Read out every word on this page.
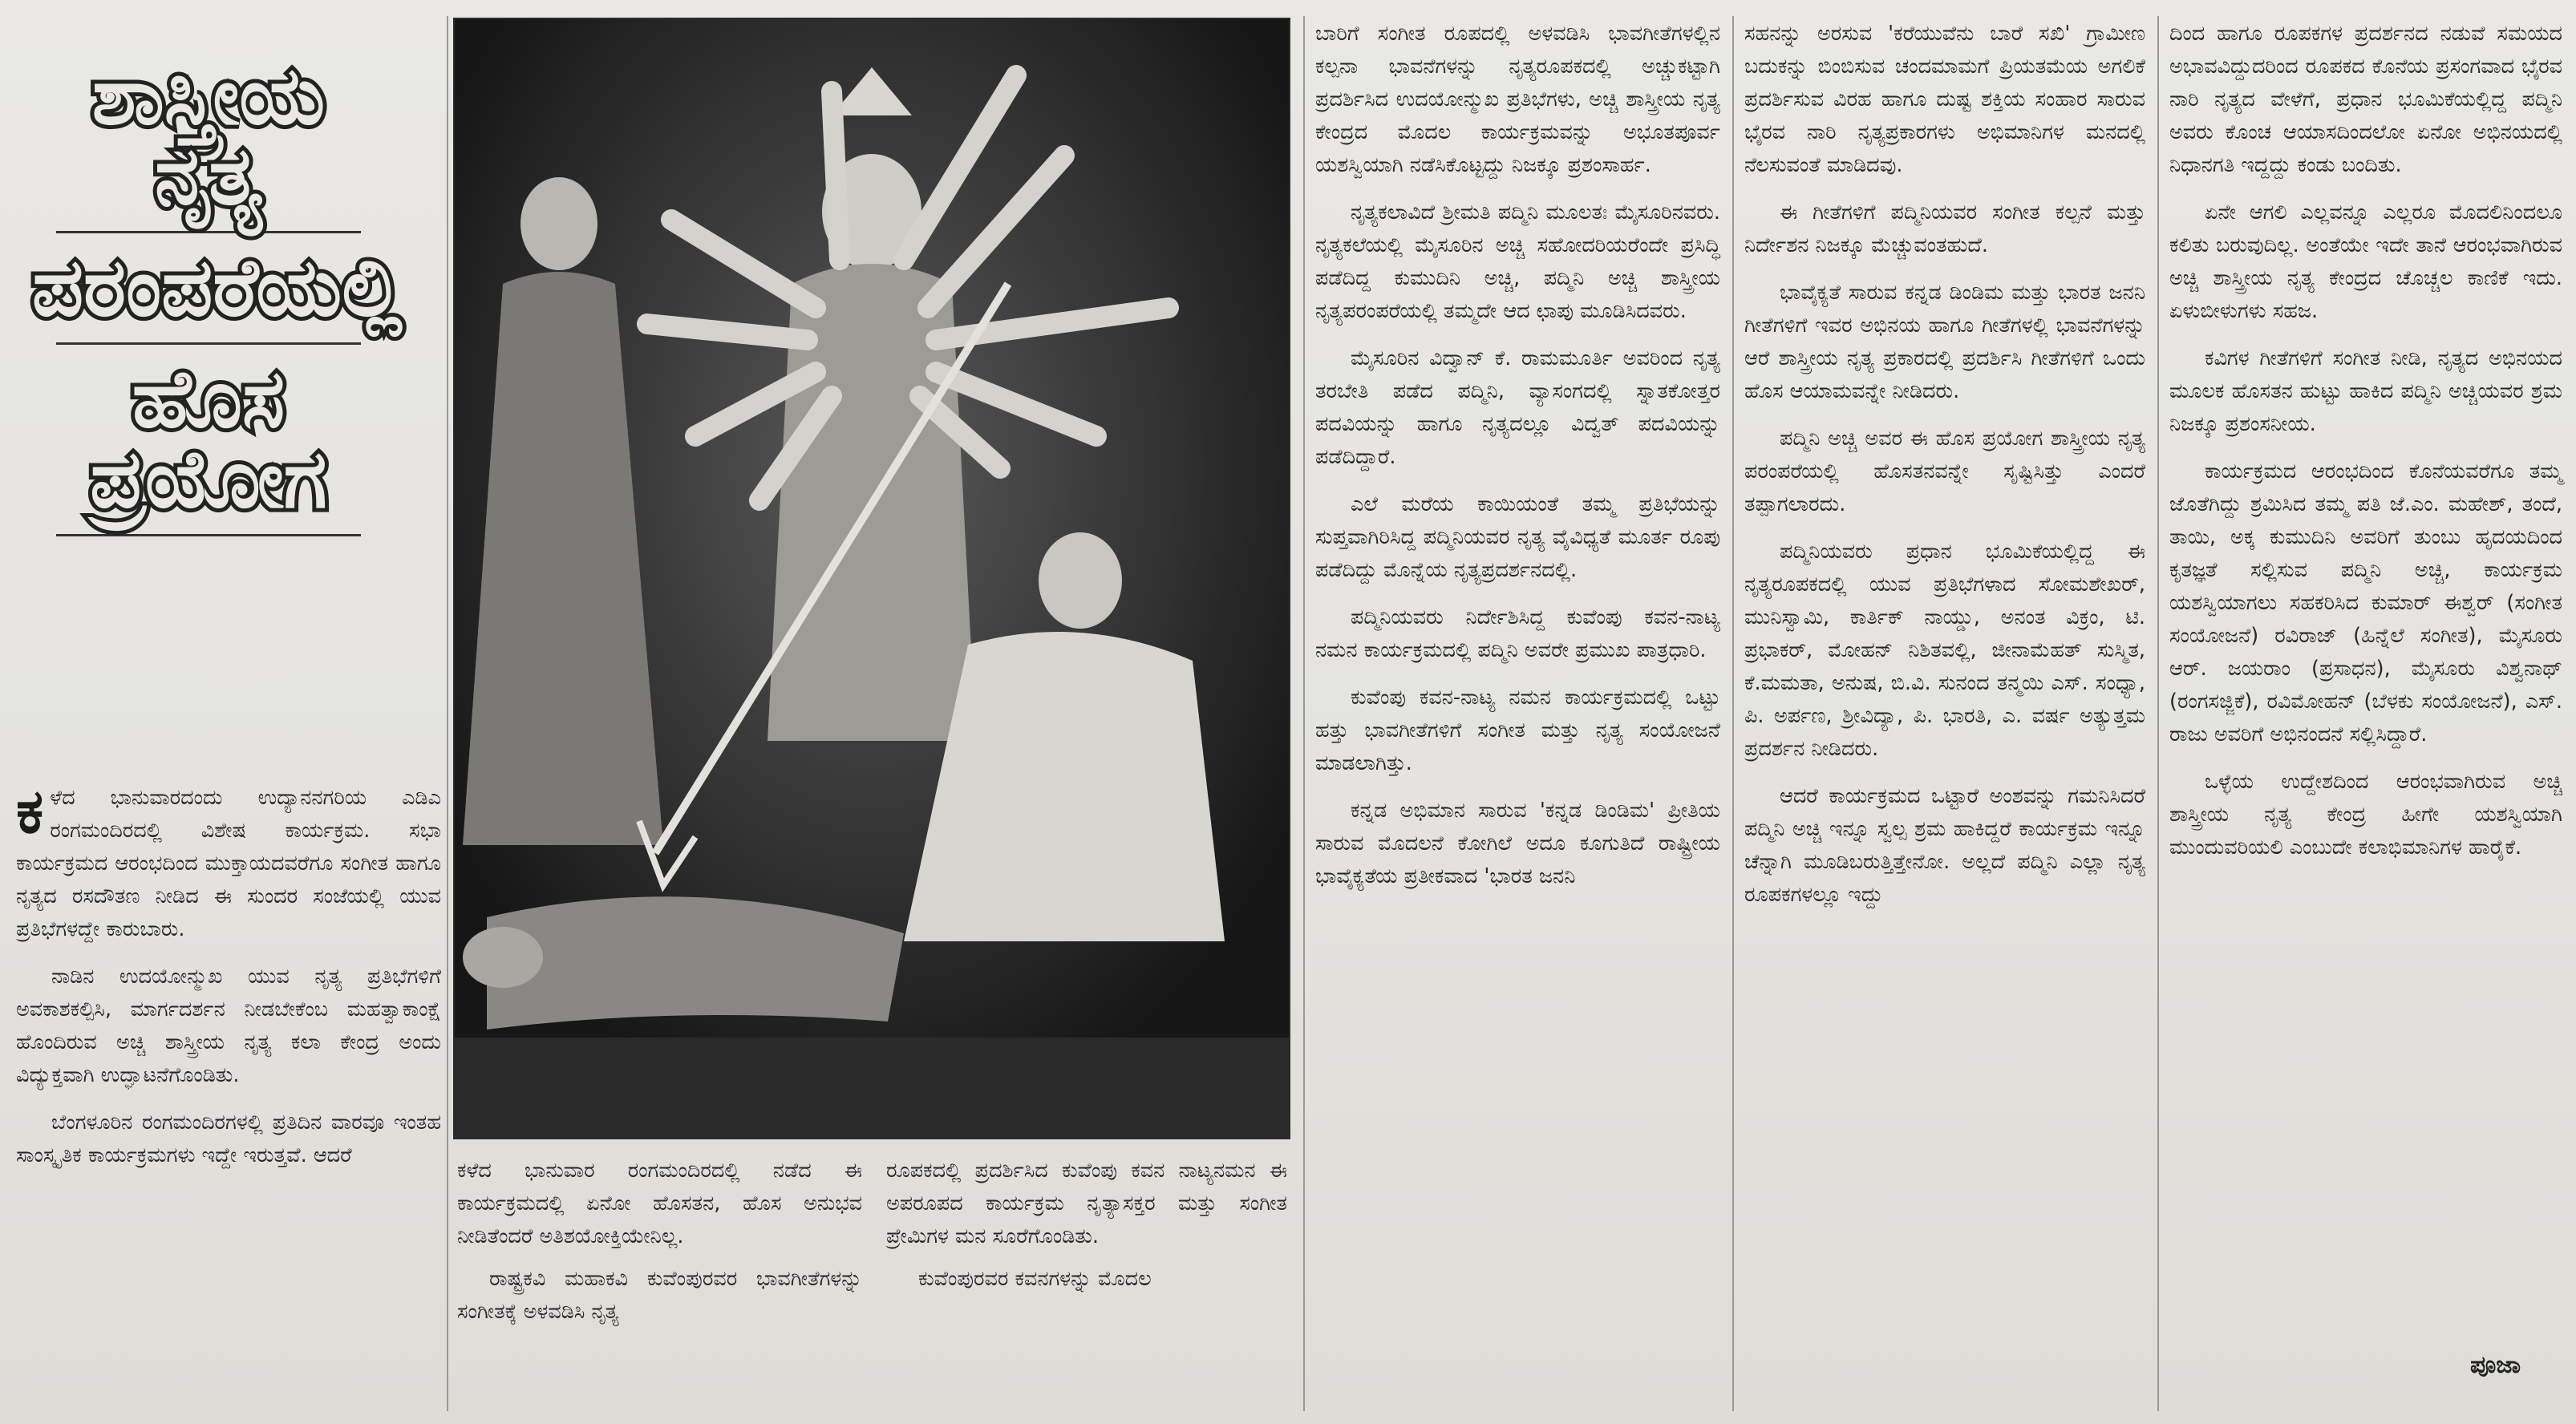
ಶಾಸ್ತ್ರೀಯ ನೃತ್ಯ

ಪರಂಪರೆಯಲ್ಲಿ

ಹೊಸ ಪ್ರಯೋಗ

ಕಳೆದ ಭಾನುವಾರದಂದು ಉದ್ಯಾನನಗರಿಯ ಎಡಿಎ ರಂಗಮಂದಿರದಲ್ಲಿ ವಿಶೇಷ ಕಾರ್ಯಕ್ರಮ. ಸಭಾ ಕಾರ್ಯಕ್ರಮದ ಆರಂಭದಿಂದ ಮುಕ್ತಾಯದವರೆಗೂ ಸಂಗೀತ ಹಾಗೂ ನೃತ್ಯದ ರಸದೌತಣ ನೀಡಿದ ಈ ಸುಂದರ ಸಂಜೆಯಲ್ಲಿ ಯುವ ಪ್ರತಿಭೆಗಳದ್ದೇ ಕಾರುಬಾರು.

ನಾಡಿನ ಉದಯೋನ್ಮುಖ ಯುವ ನೃತ್ಯ ಪ್ರತಿಭೆಗಳಿಗೆ ಅವಕಾಶಕಲ್ಪಿಸಿ, ಮಾರ್ಗದರ್ಶನ ನೀಡಬೇಕೆಂಬ ಮಹತ್ವಾಕಾಂಕ್ಷೆ ಹೊಂದಿರುವ ಅಚ್ಚಿ ಶಾಸ್ತ್ರೀಯ ನೃತ್ಯ ಕಲಾ ಕೇಂದ್ರ ಅಂದು ವಿದ್ಯುಕ್ತವಾಗಿ ಉದ್ಘಾಟನೆಗೊಂಡಿತು.

ಬೆಂಗಳೂರಿನ ರಂಗಮಂದಿರಗಳಲ್ಲಿ ಪ್ರತಿದಿನ ವಾರವೂ ಇಂತಹ ಸಾಂಸ್ಕೃತಿಕ ಕಾರ್ಯಕ್ರಮಗಳು ಇದ್ದೇ ಇರುತ್ತವೆ. ಆದರೆ

ಕಳೆದ ಭಾನುವಾರ ರಂಗಮಂದಿರದಲ್ಲಿ ನಡೆದ ಈ ಕಾರ್ಯಕ್ರಮದಲ್ಲಿ ಏನೋ ಹೊಸತನ, ಹೊಸ ಅನುಭವ ನೀಡಿತೆಂದರೆ ಅತಿಶಯೋಕ್ತಿಯೇನಿಲ್ಲ.

ರಾಷ್ಟ್ರಕವಿ ಮಹಾಕವಿ ಕುವೆಂಪುರವರ ಭಾವಗೀತೆಗಳನ್ನು ಸಂಗೀತಕ್ಕೆ ಅಳವಡಿಸಿ ನೃತ್ಯ

ರೂಪಕದಲ್ಲಿ ಪ್ರದರ್ಶಿಸಿದ ಕುವೆಂಪು ಕವನ ನಾಟ್ಯನಮನ ಈ ಅಪರೂಪದ ಕಾರ್ಯಕ್ರಮ ನೃತ್ಯಾಸಕ್ತರ ಮತ್ತು ಸಂಗೀತ ಪ್ರೇಮಿಗಳ ಮನ ಸೂರೆಗೊಂಡಿತು.

ಕುವೆಂಪುರವರ ಕವನಗಳನ್ನು ಮೊದಲ

ಬಾರಿಗೆ ಸಂಗೀತ ರೂಪದಲ್ಲಿ ಅಳವಡಿಸಿ ಭಾವಗೀತೆಗಳಲ್ಲಿನ ಕಲ್ಪನಾ ಭಾವನೆಗಳನ್ನು ನೃತ್ಯರೂಪಕದಲ್ಲಿ ಅಚ್ಚುಕಟ್ಟಾಗಿ ಪ್ರದರ್ಶಿಸಿದ ಉದಯೋನ್ಮುಖ ಪ್ರತಿಭೆಗಳು, ಅಚ್ಚಿ ಶಾಸ್ತ್ರೀಯ ನೃತ್ಯ ಕೇಂದ್ರದ ಮೊದಲ ಕಾರ್ಯಕ್ರಮವನ್ನು ಅಭೂತಪೂರ್ವ ಯಶಸ್ವಿಯಾಗಿ ನಡೆಸಿಕೊಟ್ಟದ್ದು ನಿಜಕ್ಕೂ ಪ್ರಶಂಸಾರ್ಹ.

ನೃತ್ಯಕಲಾವಿದೆ ಶ್ರೀಮತಿ ಪದ್ಮಿನಿ ಮೂಲತಃ ಮೈಸೂರಿನವರು. ನೃತ್ಯಕಲೆಯಲ್ಲಿ ಮೈಸೂರಿನ ಅಚ್ಚಿ ಸಹೋದರಿಯರೆಂದೇ ಪ್ರಸಿದ್ಧಿ ಪಡೆದಿದ್ದ ಕುಮುದಿನಿ ಅಚ್ಚಿ, ಪದ್ಮಿನಿ ಅಚ್ಚಿ ಶಾಸ್ತ್ರೀಯ ನೃತ್ಯಪರಂಪರೆಯಲ್ಲಿ ತಮ್ಮದೇ ಆದ ಛಾಪು ಮೂಡಿಸಿದವರು.

ಮೈಸೂರಿನ ವಿದ್ವಾನ್ ಕೆ. ರಾಮಮೂರ್ತಿ ಅವರಿಂದ ನೃತ್ಯ ತರಬೇತಿ ಪಡೆದ ಪದ್ಮಿನಿ, ವ್ಯಾಸಂಗದಲ್ಲಿ ಸ್ನಾತಕೋತ್ತರ ಪದವಿಯನ್ನು ಹಾಗೂ ನೃತ್ಯದಲ್ಲೂ ವಿದ್ವತ್ ಪದವಿಯನ್ನು ಪಡೆದಿದ್ದಾರೆ.

ಎಲೆ ಮರೆಯ ಕಾಯಿಯಂತೆ ತಮ್ಮ ಪ್ರತಿಭೆಯನ್ನು ಸುಪ್ತವಾಗಿರಿಸಿದ್ದ ಪದ್ಮಿನಿಯವರ ನೃತ್ಯ ವೈವಿಧ್ಯತೆ ಮೂರ್ತ ರೂಪು ಪಡೆದಿದ್ದು ಮೊನ್ನೆಯ ನೃತ್ಯಪ್ರದರ್ಶನದಲ್ಲಿ.

ಪದ್ಮಿನಿಯವರು ನಿರ್ದೇಶಿಸಿದ್ದ ಕುವೆಂಪು ಕವನ-ನಾಟ್ಯ ನಮನ ಕಾರ್ಯಕ್ರಮದಲ್ಲಿ ಪದ್ಮಿನಿ ಅವರೇ ಪ್ರಮುಖ ಪಾತ್ರಧಾರಿ.

ಕುವೆಂಪು ಕವನ-ನಾಟ್ಯ ನಮನ ಕಾರ್ಯಕ್ರಮದಲ್ಲಿ ಒಟ್ಟು ಹತ್ತು ಭಾವಗೀತೆಗಳಿಗೆ ಸಂಗೀತ ಮತ್ತು ನೃತ್ಯ ಸಂಯೋಜನೆ ಮಾಡಲಾಗಿತ್ತು.

ಕನ್ನಡ ಅಭಿಮಾನ ಸಾರುವ 'ಕನ್ನಡ ಡಿಂಡಿಮ' ಪ್ರೀತಿಯ ಸಾರುವ ಮೊದಲನೆ ಕೋಗಿಲೆ ಅದೂ ಕೂಗುತಿದೆ ರಾಷ್ಟ್ರೀಯ ಭಾವೈಕ್ಯತೆಯ ಪ್ರತೀಕವಾದ 'ಭಾರತ ಜನನಿ

ಸಹನನ್ನು ಅರಸುವ 'ಕರೆಯುವೆನು ಬಾರೆ ಸಖಿ' ಗ್ರಾಮೀಣ ಬದುಕನ್ನು ಬಿಂಬಿಸುವ ಚಂದಮಾಮಗೆ ಪ್ರಿಯತಮೆಯ ಅಗಲಿಕೆ ಪ್ರದರ್ಶಿಸುವ ವಿರಹ ಹಾಗೂ ದುಷ್ಟ ಶಕ್ತಿಯ ಸಂಹಾರ ಸಾರುವ ಭೈರವ ನಾರಿ ನೃತ್ಯಪ್ರಕಾರಗಳು ಅಭಿಮಾನಿಗಳ ಮನದಲ್ಲಿ ನೆಲಸುವಂತೆ ಮಾಡಿದವು.

ಈ ಗೀತೆಗಳಿಗೆ ಪದ್ಮಿನಿಯವರ ಸಂಗೀತ ಕಲ್ಪನೆ ಮತ್ತು ನಿರ್ದೇಶನ ನಿಜಕ್ಕೂ ಮೆಚ್ಚುವಂತಹುದೆ.

ಭಾವೈಕ್ಯತೆ ಸಾರುವ ಕನ್ನಡ ಡಿಂಡಿಮ ಮತ್ತು ಭಾರತ ಜನನಿ ಗೀತೆಗಳಿಗೆ ಇವರ ಅಭಿನಯ ಹಾಗೂ ಗೀತೆಗಳಲ್ಲಿ ಭಾವನೆಗಳನ್ನು ಆರೆ ಶಾಸ್ತ್ರೀಯ ನೃತ್ಯ ಪ್ರಕಾರದಲ್ಲಿ ಪ್ರದರ್ಶಿಸಿ ಗೀತೆಗಳಿಗೆ ಒಂದು ಹೊಸ ಆಯಾಮವನ್ನೇ ನೀಡಿದರು.

ಪದ್ಮಿನಿ ಅಚ್ಚಿ ಅವರ ಈ ಹೊಸ ಪ್ರಯೋಗ ಶಾಸ್ತ್ರೀಯ ನೃತ್ಯ ಪರಂಪರೆಯಲ್ಲಿ ಹೊಸತನವನ್ನೇ ಸೃಷ್ಟಿಸಿತ್ತು ಎಂದರೆ ತಪ್ಪಾಗಲಾರದು.

ಪದ್ಮಿನಿಯವರು ಪ್ರಧಾನ ಭೂಮಿಕೆಯಲ್ಲಿದ್ದ ಈ ನೃತ್ಯರೂಪಕದಲ್ಲಿ ಯುವ ಪ್ರತಿಭೆಗಳಾದ ಸೋಮಶೇಖರ್, ಮುನಿಸ್ವಾಮಿ, ಕಾರ್ತಿಕ್ ನಾಯ್ಡು, ಅನಂತ ವಿಕ್ರಂ, ಟಿ. ಪ್ರಭಾಕರ್, ಮೋಹನ್ ನಿಶಿತವಲ್ಲಿ, ಜೀನಾಮೆಹತ್ ಸುಸ್ಮಿತ, ಕೆ.ಮಮತಾ, ಅನುಷ, ಬಿ.ವಿ. ಸುನಂದ ತನ್ಮಯಿ ಎಸ್. ಸಂಧ್ಯಾ, ಪಿ. ಅರ್ಪಣ, ಶ್ರೀವಿದ್ಯಾ, ಪಿ. ಭಾರತಿ, ಎ. ವರ್ಷ ಅತ್ಯುತ್ತಮ ಪ್ರದರ್ಶನ ನೀಡಿದರು.

ಆದರೆ ಕಾರ್ಯಕ್ರಮದ ಒಟ್ಟಾರೆ ಅಂಶವನ್ನು ಗಮನಿಸಿದರೆ ಪದ್ಮಿನಿ ಅಚ್ಚಿ ಇನ್ನೂ ಸ್ವಲ್ಪ ಶ್ರಮ ಹಾಕಿದ್ದರೆ ಕಾರ್ಯಕ್ರಮ ಇನ್ನೂ ಚೆನ್ನಾಗಿ ಮೂಡಿಬರುತ್ತಿತ್ತೇನೋ. ಅಲ್ಲದೆ ಪದ್ಮಿನಿ ಎಲ್ಲಾ ನೃತ್ಯ ರೂಪಕಗಳಲ್ಲೂ ಇದ್ದು

ದಿಂದ ಹಾಗೂ ರೂಪಕಗಳ ಪ್ರದರ್ಶನದ ನಡುವೆ ಸಮಯದ ಅಭಾವವಿದ್ದುದರಿಂದ ರೂಪಕದ ಕೊನೆಯ ಪ್ರಸಂಗವಾದ ಭೈರವ ನಾರಿ ನೃತ್ಯದ ವೇಳೆಗೆ, ಪ್ರಧಾನ ಭೂಮಿಕೆಯಲ್ಲಿದ್ದ ಪದ್ಮಿನಿ ಅವರು ಕೊಂಚ ಆಯಾಸದಿಂದಲೋ ಏನೋ ಅಭಿನಯದಲ್ಲಿ ನಿಧಾನಗತಿ ಇದ್ದದ್ದು ಕಂಡು ಬಂದಿತು.

ಏನೇ ಆಗಲಿ ಎಲ್ಲವನ್ನೂ ಎಲ್ಲರೂ ಮೊದಲಿನಿಂದಲೂ ಕಲಿತು ಬರುವುದಿಲ್ಲ. ಅಂತೆಯೇ ಇದೇ ತಾನೆ ಆರಂಭವಾಗಿರುವ ಅಚ್ಚಿ ಶಾಸ್ತ್ರೀಯ ನೃತ್ಯ ಕೇಂದ್ರದ ಚೊಚ್ಚಲ ಕಾಣಿಕೆ ಇದು. ಏಳುಬೀಳುಗಳು ಸಹಜ.

ಕವಿಗಳ ಗೀತೆಗಳಿಗೆ ಸಂಗೀತ ನೀಡಿ, ನೃತ್ಯದ ಅಭಿನಯದ ಮೂಲಕ ಹೊಸತನ ಹುಟ್ಟು ಹಾಕಿದ ಪದ್ಮಿನಿ ಅಚ್ಚಿಯವರ ಶ್ರಮ ನಿಜಕ್ಕೂ ಪ್ರಶಂಸನೀಯ.

ಕಾರ್ಯಕ್ರಮದ ಆರಂಭದಿಂದ ಕೊನೆಯವರೆಗೂ ತಮ್ಮ ಜೊತೆಗಿದ್ದು ಶ್ರಮಿಸಿದ ತಮ್ಮ ಪತಿ ಜೆ.ಎಂ. ಮಹೇಶ್, ತಂದೆ, ತಾಯಿ, ಅಕ್ಕ ಕುಮುದಿನಿ ಅವರಿಗೆ ತುಂಬು ಹೃದಯದಿಂದ ಕೃತಜ್ಞತೆ ಸಲ್ಲಿಸುವ ಪದ್ಮಿನಿ ಅಚ್ಚಿ, ಕಾರ್ಯಕ್ರಮ ಯಶಸ್ವಿಯಾಗಲು ಸಹಕರಿಸಿದ ಕುಮಾರ್ ಈಶ್ವರ್ (ಸಂಗೀತ ಸಂಯೋಜನೆ) ರವಿರಾಜ್ (ಹಿನ್ನೆಲೆ ಸಂಗೀತ), ಮೈಸೂರು ಆರ್. ಜಯರಾಂ (ಪ್ರಸಾಧನ), ಮೈಸೂರು ವಿಶ್ವನಾಥ್ (ರಂಗಸಜ್ಜಿಕೆ), ರವಿಮೋಹನ್ (ಬೆಳಕು ಸಂಯೋಜನೆ), ಎಸ್. ರಾಜು ಅವರಿಗೆ ಅಭಿನಂದನೆ ಸಲ್ಲಿಸಿದ್ದಾರೆ.

ಒಳ್ಳೆಯ ಉದ್ದೇಶದಿಂದ ಆರಂಭವಾಗಿರುವ ಅಚ್ಚಿ ಶಾಸ್ತ್ರೀಯ ನೃತ್ಯ ಕೇಂದ್ರ ಹೀಗೇ ಯಶಸ್ವಿಯಾಗಿ ಮುಂದುವರಿಯಲಿ ಎಂಬುದೇ ಕಲಾಭಿಮಾನಿಗಳ ಹಾರೈಕೆ.

ಪೂಜಾ
